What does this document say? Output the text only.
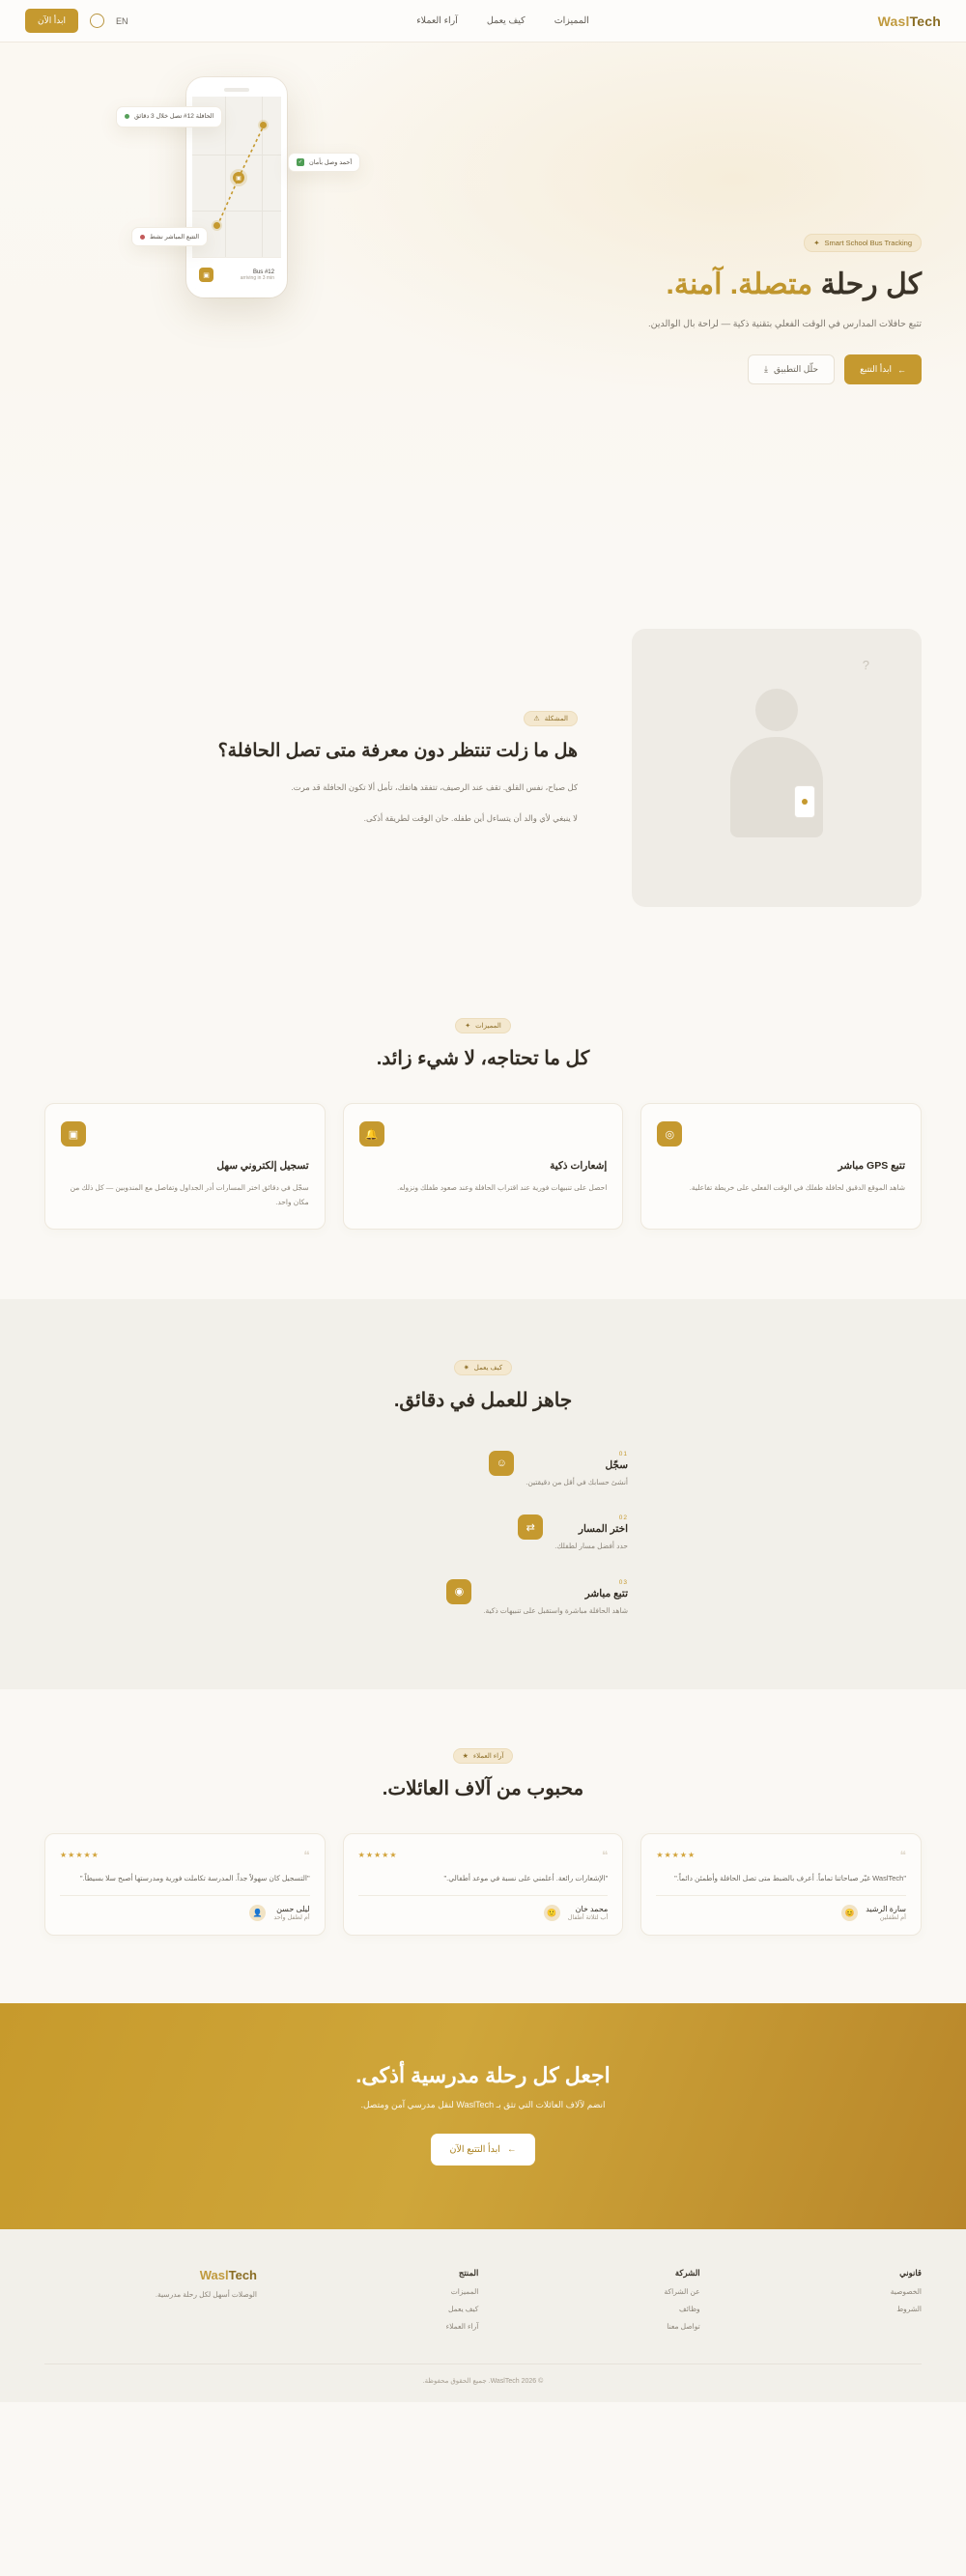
WaslTech
المميزات
كيف يعمل
آراء العملاء
EN
ابدأ الآن
▣
Bus #12
arriving in 3 min
▣
الحافلة 12# تصل خلال 3 دقائق
أحمد وصل بأمان
✓
التتبع المباشر نشط
Smart School Bus Tracking
✦
كل رحلة متصلة. آمنة.

تتبع حافلات المدارس في الوقت الفعلي بتقنية ذكية — لراحة بال الوالدين.

←
ابدأ التتبع
حلّل التطبيق
⤓
?
المشكلة
⚠
هل ما زلت تنتظر دون معرفة متى تصل الحافلة؟

كل صباح، نفس القلق. تقف عند الرصيف، تتفقد هاتفك، تأمل ألا تكون الحافلة قد مرت.

لا ينبغي لأي والد أن يتساءل أين طفله. حان الوقت لطريقة أذكى.

المميزات
✦
كل ما تحتاجه، لا شيء زائد.
◎
تتبع GPS مباشر

شاهد الموقع الدقيق لحافلة طفلك في الوقت الفعلي على خريطة تفاعلية.

🔔
إشعارات ذكية

احصل على تنبيهات فورية عند اقتراب الحافلة وعند صعود طفلك ونزوله.

▣
تسجيل إلكتروني سهل

سجّل في دقائق اختر المسارات أدر الجداول وتفاصل مع المندوبين — كل ذلك من مكان واحد.

كيف يعمل
✷
جاهز للعمل في دقائق.
☺
01
سجّل

أنشئ حسابك في أقل من دقيقتين.

⇄
02
اختر المسار

حدد أفضل مسار لطفلك.

◉
03
تتبع مباشر

شاهد الحافلة مباشرة واستقبل على تنبيهات ذكية.

آراء العملاء
★
محبوب من آلاف العائلات.
❝
★★★★★

"WaslTech غيّر صباحاتنا تماماً. أعرف بالضبط متى تصل الحافلة وأطمئن دائماً."

😊	سارة الرشيد
أم لطفلين
❝
★★★★★

"الإشعارات رائعة. أعلمني على نسبة في موعد أطفالي."

🙂	محمد خان
أب لثلاثة أطفال
❝
★★★★★

"التسجيل كان سهولاً جداً. المدرسة تكاملت فورية ومدرستها أصبح سلا بسيطاً."

👤	ليلى حسن
أم لطفل واحد
اجعل كل رحلة مدرسية أذكى.

انضم لآلاف العائلات التي تثق بـ WaslTech لنقل مدرسي آمن ومتصل.

←
ابدأ التتبع الآن
قانوني
الخصوصية
الشروط
الشركة
عن الشراكة
وظائف
تواصل معنا
المنتج
المميزات
كيف يعمل
آراء العملاء
WaslTech

الوصلات أسهل لكل رحلة مدرسية.

© 2026 WaslTech. جميع الحقوق محفوظة.
